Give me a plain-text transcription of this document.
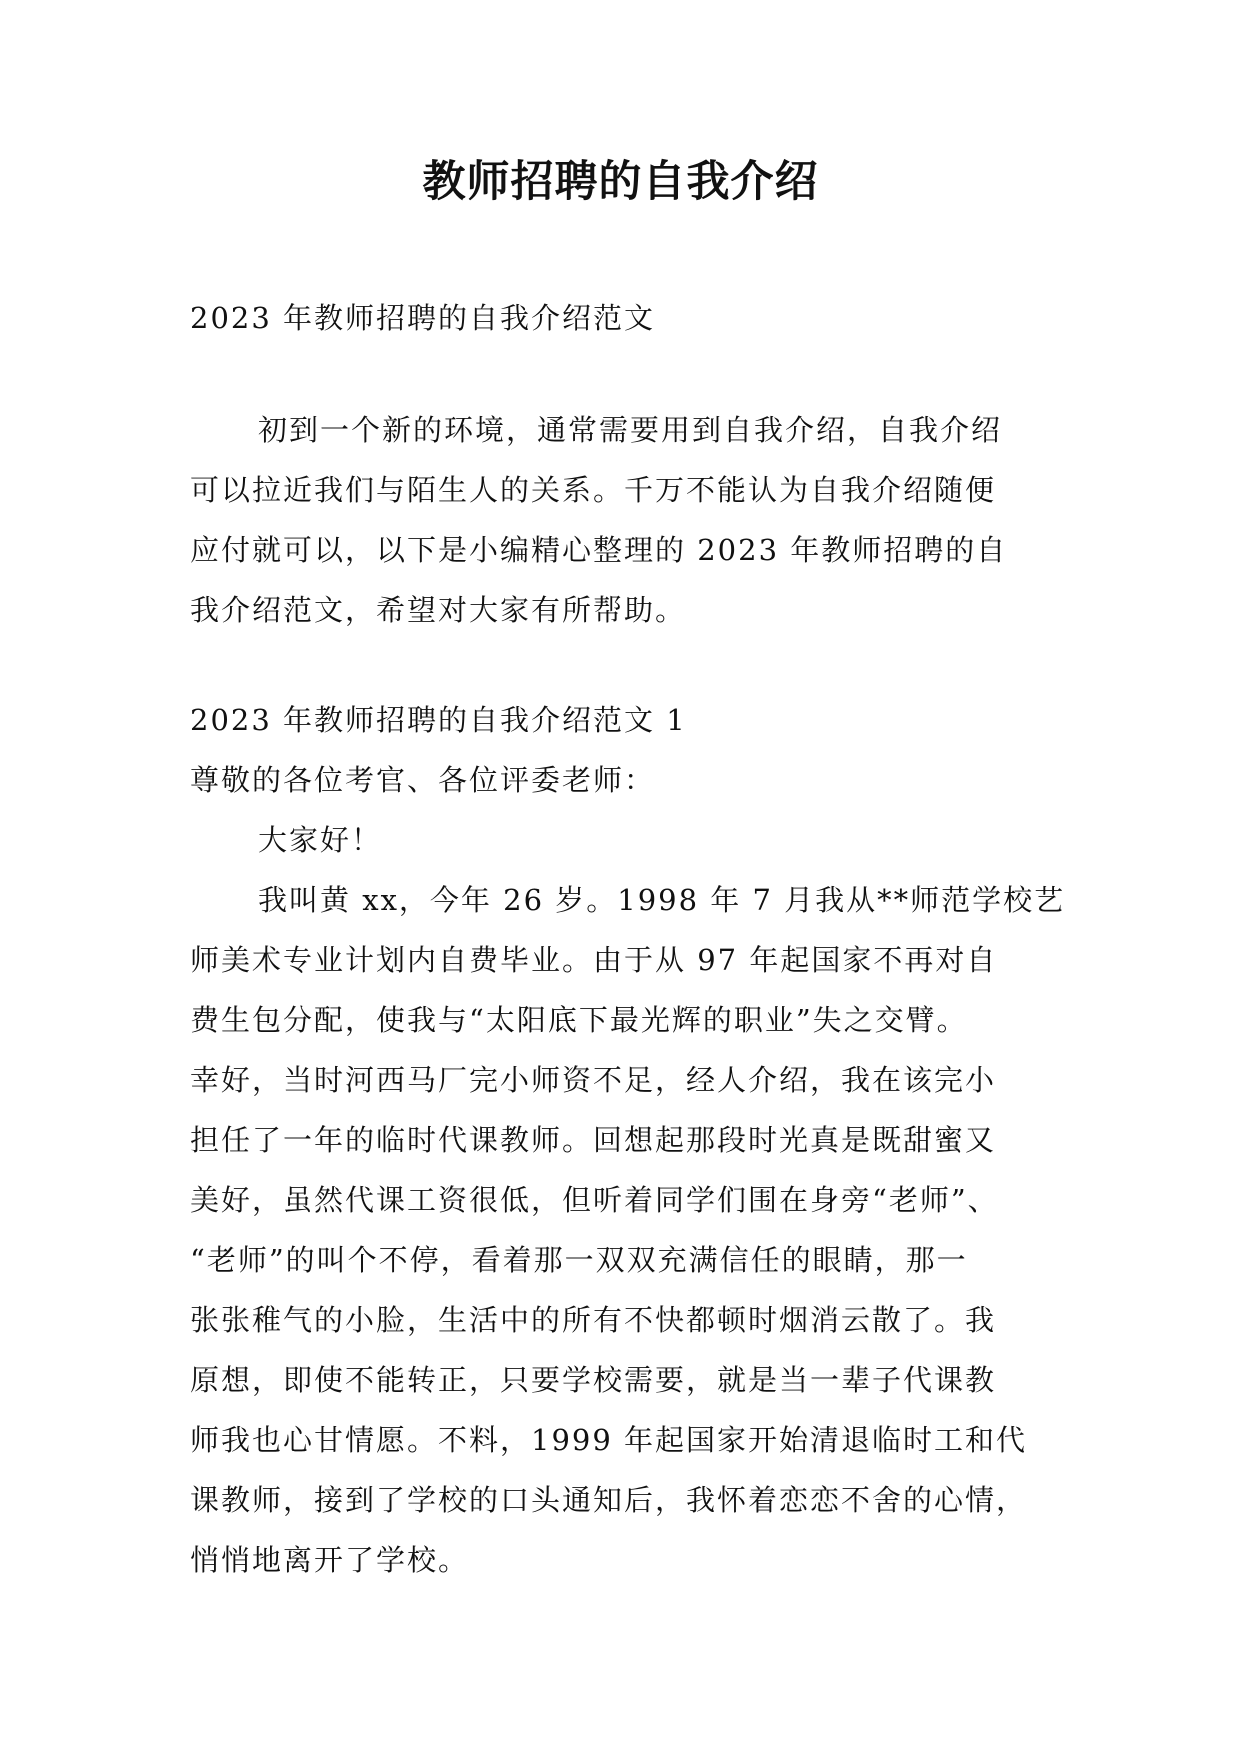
教师招聘的自我介绍
2023 年教师招聘的自我介绍范文
初到一个新的环境，通常需要用到自我介绍，自我介绍
可以拉近我们与陌生人的关系。千万不能认为自我介绍随便
应付就可以，以下是小编精心整理的 2023 年教师招聘的自
我介绍范文，希望对大家有所帮助。
2023 年教师招聘的自我介绍范文 1
尊敬的各位考官、各位评委老师：
大家好！
我叫黄 xx，今年 26 岁。1998 年 7 月我从**师范学校艺
师美术专业计划内自费毕业。由于从 97 年起国家不再对自
费生包分配，使我与“太阳底下最光辉的职业”失之交臂。
幸好，当时河西马厂完小师资不足，经人介绍，我在该完小
担任了一年的临时代课教师。回想起那段时光真是既甜蜜又
美好，虽然代课工资很低，但听着同学们围在身旁“老师”、
“老师”的叫个不停，看着那一双双充满信任的眼睛，那一
张张稚气的小脸，生活中的所有不快都顿时烟消云散了。我
原想，即使不能转正，只要学校需要，就是当一辈子代课教
师我也心甘情愿。不料，1999 年起国家开始清退临时工和代
课教师，接到了学校的口头通知后，我怀着恋恋不舍的心情，
悄悄地离开了学校。
